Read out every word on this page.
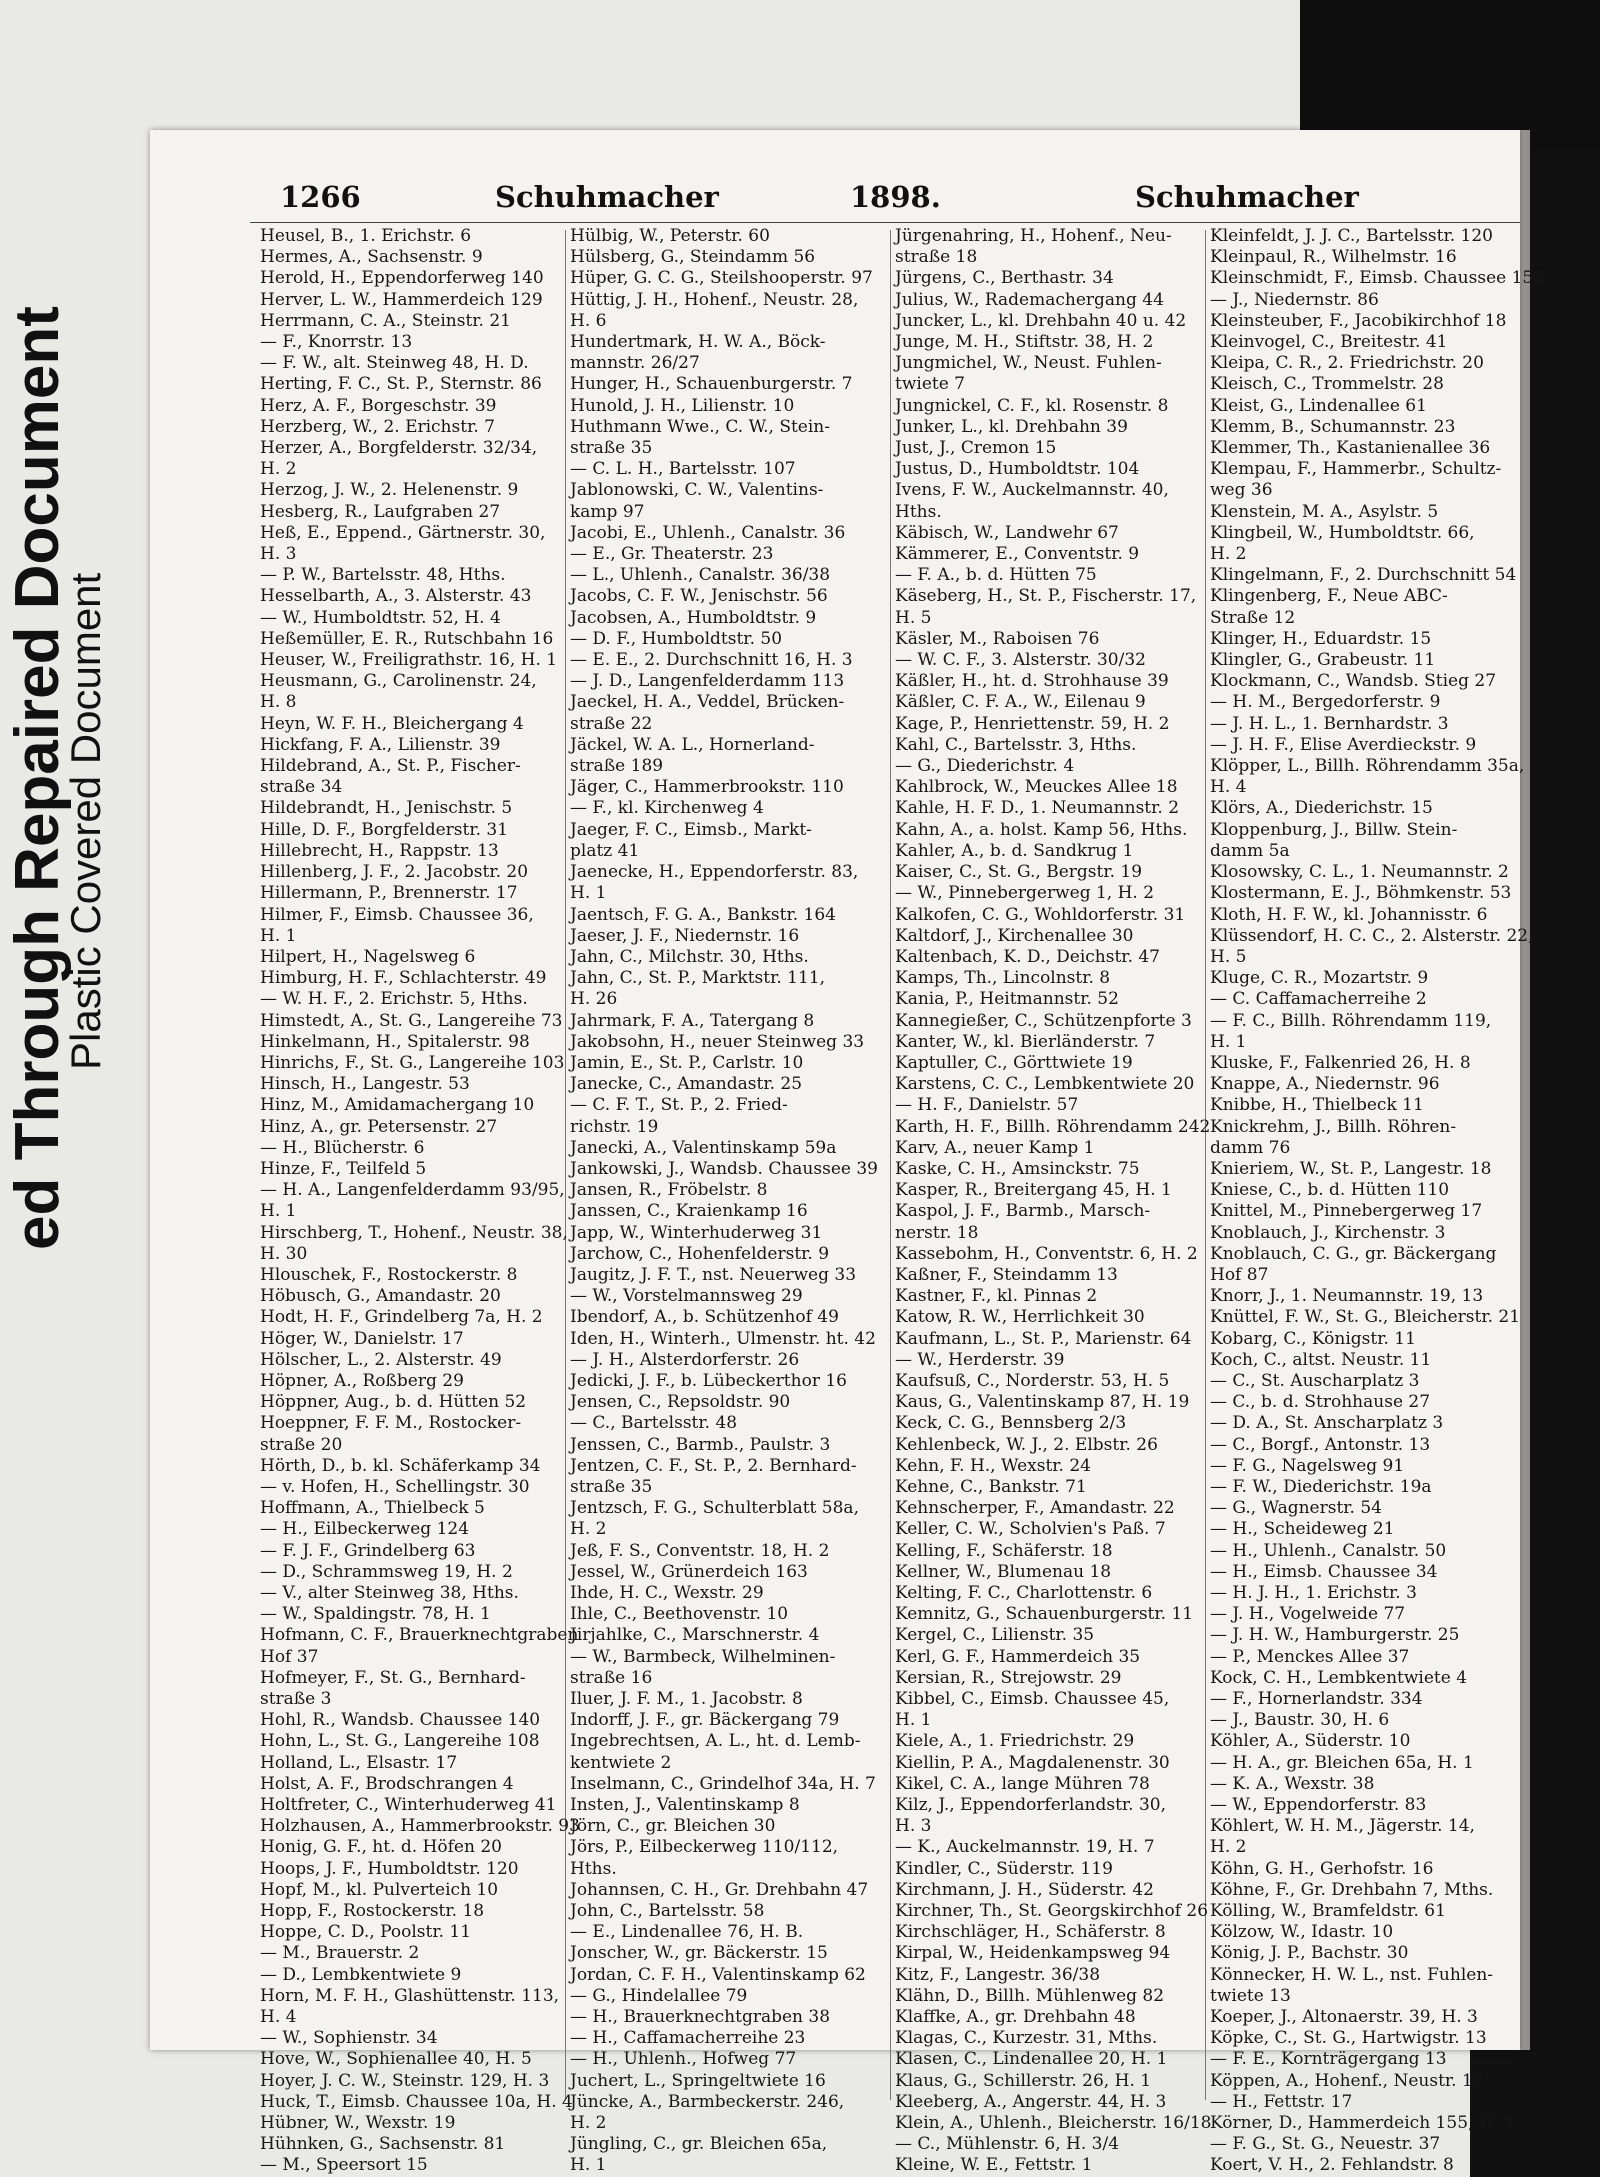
ed Through Repaired Document
Plastic Covered Document
1266	Schuhmacher	1898.	Schuhmacher
Heusel, B., 1. Erichstr. 6
Hermes, A., Sachsenstr. 9
Herold, H., Eppendorferweg 140
Herver, L. W., Hammerdeich 129
Herrmann, C. A., Steinstr. 21
— F., Knorrstr. 13
— F. W., alt. Steinweg 48, H. D.
Herting, F. C., St. P., Sternstr. 86
Herz, A. F., Borgeschstr. 39
Herzberg, W., 2. Erichstr. 7
Herzer, A., Borgfelderstr. 32/34,
H. 2
Herzog, J. W., 2. Helenenstr. 9
Hesberg, R., Laufgraben 27
Heß, E., Eppend., Gärtnerstr. 30,
H. 3
— P. W., Bartelsstr. 48, Hths.
Hesselbarth, A., 3. Alsterstr. 43
— W., Humboldtstr. 52, H. 4
Heßemüller, E. R., Rutschbahn 16
Heuser, W., Freiligrathstr. 16, H. 1
Heusmann, G., Carolinenstr. 24,
H. 8
Heyn, W. F. H., Bleichergang 4
Hickfang, F. A., Lilienstr. 39
Hildebrand, A., St. P., Fischer-
straße 34
Hildebrandt, H., Jenischstr. 5
Hille, D. F., Borgfelderstr. 31
Hillebrecht, H., Rappstr. 13
Hillenberg, J. F., 2. Jacobstr. 20
Hillermann, P., Brennerstr. 17
Hilmer, F., Eimsb. Chaussee 36,
H. 1
Hilpert, H., Nagelsweg 6
Himburg, H. F., Schlachterstr. 49
— W. H. F., 2. Erichstr. 5, Hths.
Himstedt, A., St. G., Langereihe 73
Hinkelmann, H., Spitalerstr. 98
Hinrichs, F., St. G., Langereihe 103
Hinsch, H., Langestr. 53
Hinz, M., Amidamachergang 10
Hinz, A., gr. Petersenstr. 27
— H., Blücherstr. 6
Hinze, F., Teilfeld 5
— H. A., Langenfelderdamm 93/95,
H. 1
Hirschberg, T., Hohenf., Neustr. 38,
H. 30
Hlouschek, F., Rostockerstr. 8
Höbusch, G., Amandastr. 20
Hodt, H. F., Grindelberg 7a, H. 2
Höger, W., Danielstr. 17
Hölscher, L., 2. Alsterstr. 49
Höpner, A., Roßberg 29
Höppner, Aug., b. d. Hütten 52
Hoeppner, F. F. M., Rostocker-
straße 20
Hörth, D., b. kl. Schäferkamp 34
— v. Hofen, H., Schellingstr. 30
Hoffmann, A., Thielbeck 5
— H., Eilbeckerweg 124
— F. J. F., Grindelberg 63
— D., Schrammsweg 19, H. 2
— V., alter Steinweg 38, Hths.
— W., Spaldingstr. 78, H. 1
Hofmann, C. F., Brauerknechtgraben
Hof 37
Hofmeyer, F., St. G., Bernhard-
straße 3
Hohl, R., Wandsb. Chaussee 140
Hohn, L., St. G., Langereihe 108
Holland, L., Elsastr. 17
Holst, A. F., Brodschrangen 4
Holtfreter, C., Winterhuderweg 41
Holzhausen, A., Hammerbrookstr. 93
Honig, G. F., ht. d. Höfen 20
Hoops, J. F., Humboldtstr. 120
Hopf, M., kl. Pulverteich 10
Hopp, F., Rostockerstr. 18
Hoppe, C. D., Poolstr. 11
— M., Brauerstr. 2
— D., Lembkentwiete 9
Horn, M. F. H., Glashüttenstr. 113,
H. 4
— W., Sophienstr. 34
Hove, W., Sophienallee 40, H. 5
Hoyer, J. C. W., Steinstr. 129, H. 3
Huck, T., Eimsb. Chaussee 10a, H. 4
Hübner, W., Wexstr. 19
Hühnken, G., Sachsenstr. 81
— M., Speersort 15
Hülbig, W., Peterstr. 60
Hülsberg, G., Steindamm 56
Hüper, G. C. G., Steilshooperstr. 97
Hüttig, J. H., Hohenf., Neustr. 28,
H. 6
Hundertmark, H. W. A., Böck-
mannstr. 26/27
Hunger, H., Schauenburgerstr. 7
Hunold, J. H., Lilienstr. 10
Huthmann Wwe., C. W., Stein-
straße 35
— C. L. H., Bartelsstr. 107
Jablonowski, C. W., Valentins-
kamp 97
Jacobi, E., Uhlenh., Canalstr. 36
— E., Gr. Theaterstr. 23
— L., Uhlenh., Canalstr. 36/38
Jacobs, C. F. W., Jenischstr. 56
Jacobsen, A., Humboldtstr. 9
— D. F., Humboldtstr. 50
— E. E., 2. Durchschnitt 16, H. 3
— J. D., Langenfelderdamm 113
Jaeckel, H. A., Veddel, Brücken-
straße 22
Jäckel, W. A. L., Hornerland-
straße 189
Jäger, C., Hammerbrookstr. 110
— F., kl. Kirchenweg 4
Jaeger, F. C., Eimsb., Markt-
platz 41
Jaenecke, H., Eppendorferstr. 83,
H. 1
Jaentsch, F. G. A., Bankstr. 164
Jaeser, J. F., Niedernstr. 16
Jahn, C., Milchstr. 30, Hths.
Jahn, C., St. P., Marktstr. 111,
H. 26
Jahrmark, F. A., Tatergang 8
Jakobsohn, H., neuer Steinweg 33
Jamin, E., St. P., Carlstr. 10
Janecke, C., Amandastr. 25
— C. F. T., St. P., 2. Fried-
richstr. 19
Janecki, A., Valentinskamp 59a
Jankowski, J., Wandsb. Chaussee 39
Jansen, R., Fröbelstr. 8
Janssen, C., Kraienkamp 16
Japp, W., Winterhuderweg 31
Jarchow, C., Hohenfelderstr. 9
Jaugitz, J. F. T., nst. Neuerweg 33
— W., Vorstelmannsweg 29
Ibendorf, A., b. Schützenhof 49
Iden, H., Winterh., Ulmenstr. ht. 42
— J. H., Alsterdorferstr. 26
Jedicki, J. F., b. Lübeckerthor 16
Jensen, C., Repsoldstr. 90
— C., Bartelsstr. 48
Jenssen, C., Barmb., Paulstr. 3
Jentzen, C. F., St. P., 2. Bernhard-
straße 35
Jentzsch, F. G., Schulterblatt 58a,
H. 2
Jeß, F. S., Conventstr. 18, H. 2
Jessel, W., Grünerdeich 163
Ihde, H. C., Wexstr. 29
Ihle, C., Beethovenstr. 10
Jirjahlke, C., Marschnerstr. 4
— W., Barmbeck, Wilhelminen-
straße 16
Iluer, J. F. M., 1. Jacobstr. 8
Indorff, J. F., gr. Bäckergang 79
Ingebrechtsen, A. L., ht. d. Lemb-
kentwiete 2
Inselmann, C., Grindelhof 34a, H. 7
Insten, J., Valentinskamp 8
Jörn, C., gr. Bleichen 30
Jörs, P., Eilbeckerweg 110/112,
Hths.
Johannsen, C. H., Gr. Drehbahn 47
John, C., Bartelsstr. 58
— E., Lindenallee 76, H. B.
Jonscher, W., gr. Bäckerstr. 15
Jordan, C. F. H., Valentinskamp 62
— G., Hindelallee 79
— H., Brauerknechtgraben 38
— H., Caffamacherreihe 23
— H., Uhlenh., Hofweg 77
Juchert, L., Springeltwiete 16
Jüncke, A., Barmbeckerstr. 246,
H. 2
Jüngling, C., gr. Bleichen 65a,
H. 1
Jürgenahring, H., Hohenf., Neu-
straße 18
Jürgens, C., Berthastr. 34
Julius, W., Rademachergang 44
Juncker, L., kl. Drehbahn 40 u. 42
Junge, M. H., Stiftstr. 38, H. 2
Jungmichel, W., Neust. Fuhlen-
twiete 7
Jungnickel, C. F., kl. Rosenstr. 8
Junker, L., kl. Drehbahn 39
Just, J., Cremon 15
Justus, D., Humboldtstr. 104
Ivens, F. W., Auckelmannstr. 40,
Hths.
Käbisch, W., Landwehr 67
Kämmerer, E., Conventstr. 9
— F. A., b. d. Hütten 75
Käseberg, H., St. P., Fischerstr. 17,
H. 5
Käsler, M., Raboisen 76
— W. C. F., 3. Alsterstr. 30/32
Käßler, H., ht. d. Strohhause 39
Käßler, C. F. A., W., Eilenau 9
Kage, P., Henriettenstr. 59, H. 2
Kahl, C., Bartelsstr. 3, Hths.
— G., Diederichstr. 4
Kahlbrock, W., Meuckes Allee 18
Kahle, H. F. D., 1. Neumannstr. 2
Kahn, A., a. holst. Kamp 56, Hths.
Kahler, A., b. d. Sandkrug 1
Kaiser, C., St. G., Bergstr. 19
— W., Pinnebergerweg 1, H. 2
Kalkofen, C. G., Wohldorferstr. 31
Kaltdorf, J., Kirchenallee 30
Kaltenbach, K. D., Deichstr. 47
Kamps, Th., Lincolnstr. 8
Kania, P., Heitmannstr. 52
Kannegießer, C., Schützenpforte 3
Kanter, W., kl. Bierländerstr. 7
Kaptuller, C., Görttwiete 19
Karstens, C. C., Lembkentwiete 20
— H. F., Danielstr. 57
Karth, H. F., Billh. Röhrendamm 242
Karv, A., neuer Kamp 1
Kaske, C. H., Amsinckstr. 75
Kasper, R., Breitergang 45, H. 1
Kaspol, J. F., Barmb., Marsch-
nerstr. 18
Kassebohm, H., Conventstr. 6, H. 2
Kaßner, F., Steindamm 13
Kastner, F., kl. Pinnas 2
Katow, R. W., Herrlichkeit 30
Kaufmann, L., St. P., Marienstr. 64
— W., Herderstr. 39
Kaufsuß, C., Norderstr. 53, H. 5
Kaus, G., Valentinskamp 87, H. 19
Keck, C. G., Bennsberg 2/3
Kehlenbeck, W. J., 2. Elbstr. 26
Kehn, F. H., Wexstr. 24
Kehne, C., Bankstr. 71
Kehnscherper, F., Amandastr. 22
Keller, C. W., Scholvien's Paß. 7
Kelling, F., Schäferstr. 18
Kellner, W., Blumenau 18
Kelting, F. C., Charlottenstr. 6
Kemnitz, G., Schauenburgerstr. 11
Kergel, C., Lilienstr. 35
Kerl, G. F., Hammerdeich 35
Kersian, R., Strejowstr. 29
Kibbel, C., Eimsb. Chaussee 45,
H. 1
Kiele, A., 1. Friedrichstr. 29
Kiellin, P. A., Magdalenenstr. 30
Kikel, C. A., lange Mühren 78
Kilz, J., Eppendorferlandstr. 30,
H. 3
— K., Auckelmannstr. 19, H. 7
Kindler, C., Süderstr. 119
Kirchmann, J. H., Süderstr. 42
Kirchner, Th., St. Georgskirchhof 26
Kirchschläger, H., Schäferstr. 8
Kirpal, W., Heidenkampsweg 94
Kitz, F., Langestr. 36/38
Klähn, D., Billh. Mühlenweg 82
Klaffke, A., gr. Drehbahn 48
Klagas, C., Kurzestr. 31, Mths.
Klasen, C., Lindenallee 20, H. 1
Klaus, G., Schillerstr. 26, H. 1
Kleeberg, A., Angerstr. 44, H. 3
Klein, A., Uhlenh., Bleicherstr. 16/18
— C., Mühlenstr. 6, H. 3/4
Kleine, W. E., Fettstr. 1
Kleinfeldt, J. J. C., Bartelsstr. 120
Kleinpaul, R., Wilhelmstr. 16
Kleinschmidt, F., Eimsb. Chaussee 159
— J., Niedernstr. 86
Kleinsteuber, F., Jacobikirchhof 18
Kleinvogel, C., Breitestr. 41
Kleipa, C. R., 2. Friedrichstr. 20
Kleisch, C., Trommelstr. 28
Kleist, G., Lindenallee 61
Klemm, B., Schumannstr. 23
Klemmer, Th., Kastanienallee 36
Klempau, F., Hammerbr., Schultz-
weg 36
Klenstein, M. A., Asylstr. 5
Klingbeil, W., Humboldtstr. 66,
H. 2
Klingelmann, F., 2. Durchschnitt 54
Klingenberg, F., Neue ABC-
Straße 12
Klinger, H., Eduardstr. 15
Klingler, G., Grabeustr. 11
Klockmann, C., Wandsb. Stieg 27
— H. M., Bergedorferstr. 9
— J. H. L., 1. Bernhardstr. 3
— J. H. F., Elise Averdieckstr. 9
Klöpper, L., Billh. Röhrendamm 35a,
H. 4
Klörs, A., Diederichstr. 15
Kloppenburg, J., Billw. Stein-
damm 5a
Klosowsky, C. L., 1. Neumannstr. 2
Klostermann, E. J., Böhmkenstr. 53
Kloth, H. F. W., kl. Johannisstr. 6
Klüssendorf, H. C. C., 2. Alsterstr. 22,
H. 5
Kluge, C. R., Mozartstr. 9
— C. Caffamacherreihe 2
— F. C., Billh. Röhrendamm 119,
H. 1
Kluske, F., Falkenried 26, H. 8
Knappe, A., Niedernstr. 96
Knibbe, H., Thielbeck 11
Knickrehm, J., Billh. Röhren-
damm 76
Knieriem, W., St. P., Langestr. 18
Kniese, C., b. d. Hütten 110
Knittel, M., Pinnebergerweg 17
Knoblauch, J., Kirchenstr. 3
Knoblauch, C. G., gr. Bäckergang
Hof 87
Knorr, J., 1. Neumannstr. 19, 13
Knüttel, F. W., St. G., Bleicherstr. 21
Kobarg, C., Königstr. 11
Koch, C., altst. Neustr. 11
— C., St. Auscharplatz 3
— C., b. d. Strohhause 27
— D. A., St. Anscharplatz 3
— C., Borgf., Antonstr. 13
— F. G., Nagelsweg 91
— F. W., Diederichstr. 19a
— G., Wagnerstr. 54
— H., Scheideweg 21
— H., Uhlenh., Canalstr. 50
— H., Eimsb. Chaussee 34
— H. J. H., 1. Erichstr. 3
— J. H., Vogelweide 77
— J. H. W., Hamburgerstr. 25
— P., Menckes Allee 37
Kock, C. H., Lembkentwiete 4
— F., Hornerlandstr. 334
— J., Baustr. 30, H. 6
Köhler, A., Süderstr. 10
— H. A., gr. Bleichen 65a, H. 1
— K. A., Wexstr. 38
— W., Eppendorferstr. 83
Köhlert, W. H. M., Jägerstr. 14,
H. 2
Köhn, G. H., Gerhofstr. 16
Köhne, F., Gr. Drehbahn 7, Mths.
Kölling, W., Bramfeldstr. 61
Kölzow, W., Idastr. 10
König, J. P., Bachstr. 30
Könnecker, H. W. L., nst. Fuhlen-
twiete 13
Koeper, J., Altonaerstr. 39, H. 3
Köpke, C., St. G., Hartwigstr. 13
— F. E., Kornträgergang 13
Köppen, A., Hohenf., Neustr. 17
— H., Fettstr. 17
Körner, D., Hammerdeich 155, H. 1
— F. G., St. G., Neuestr. 37
Koert, V. H., 2. Fehlandstr. 8
